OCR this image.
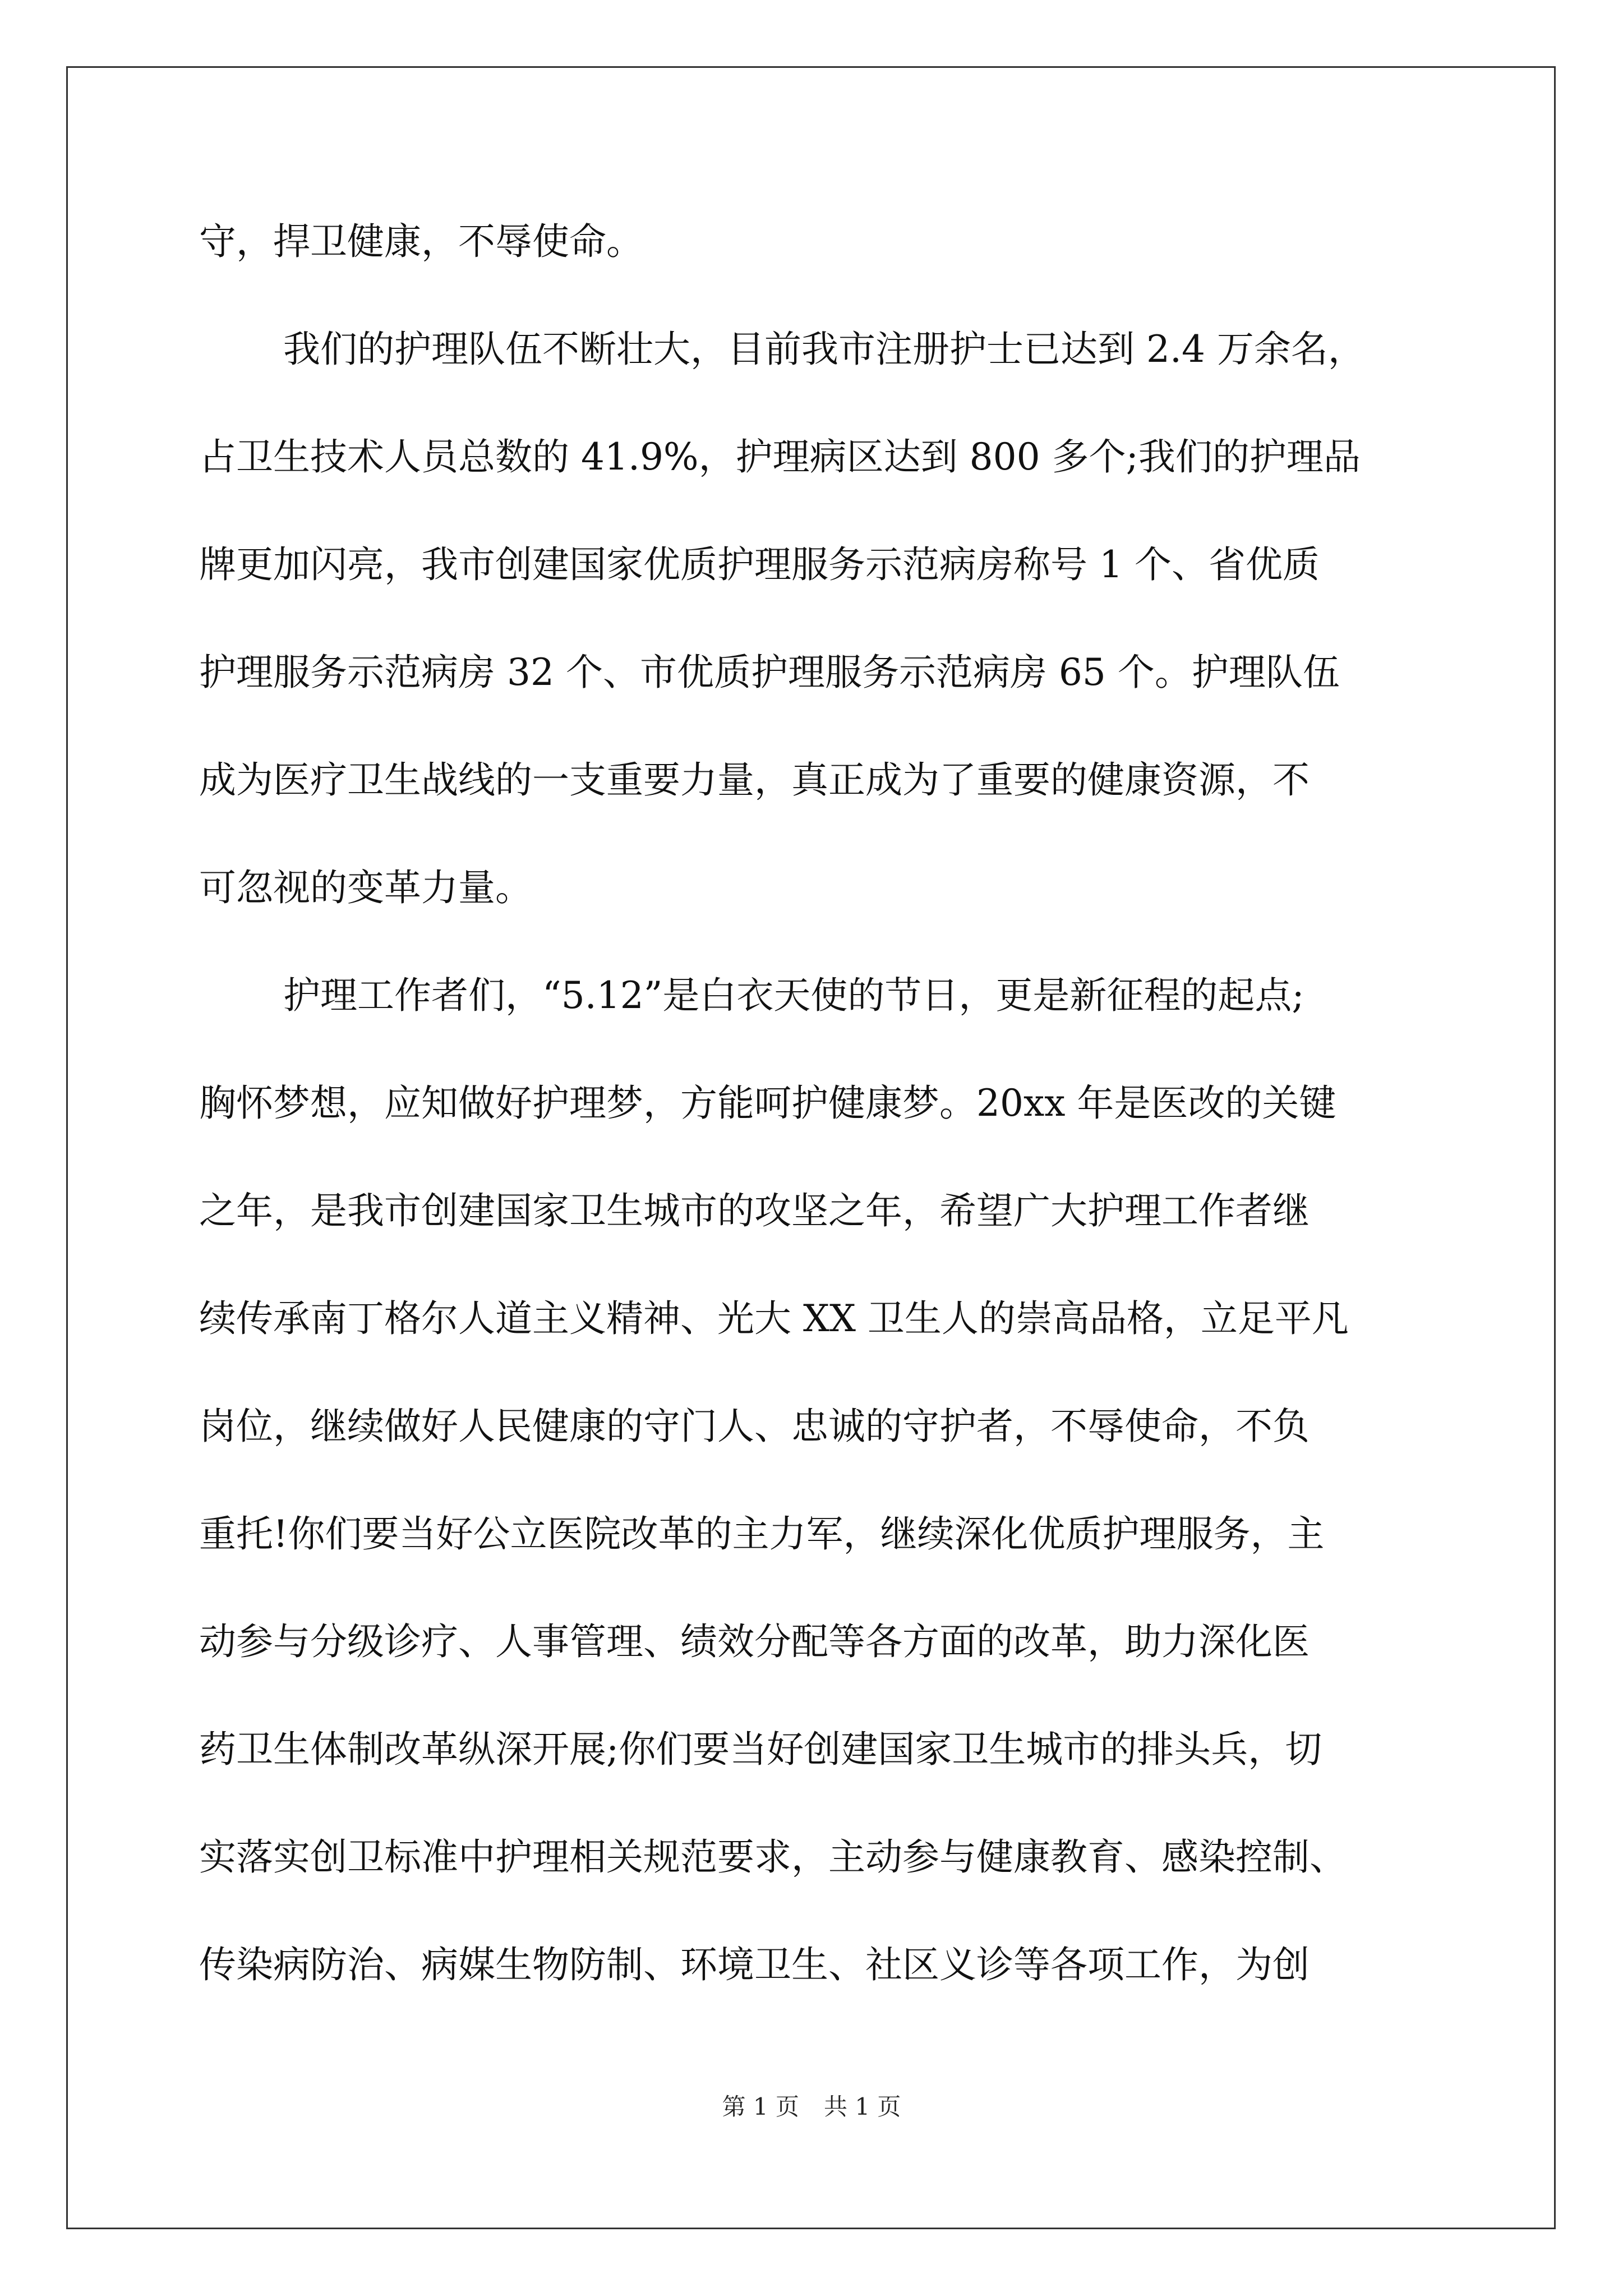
守，捍卫健康，不辱使命。
我们的护理队伍不断壮大，目前我市注册护士已达到 2.4 万余名，
占卫生技术人员总数的 41.9%，护理病区达到 800 多个;我们的护理品
牌更加闪亮，我市创建国家优质护理服务示范病房称号 1 个、省优质
护理服务示范病房 32 个、市优质护理服务示范病房 65 个。护理队伍
成为医疗卫生战线的一支重要力量，真正成为了重要的健康资源，不
可忽视的变革力量。
护理工作者们，“5.12”是白衣天使的节日，更是新征程的起点;
胸怀梦想，应知做好护理梦，方能呵护健康梦。20xx 年是医改的关键
之年，是我市创建国家卫生城市的攻坚之年，希望广大护理工作者继
续传承南丁格尔人道主义精神、光大 XX 卫生人的崇高品格，立足平凡
岗位，继续做好人民健康的守门人、忠诚的守护者，不辱使命，不负
重托!你们要当好公立医院改革的主力军，继续深化优质护理服务，主
动参与分级诊疗、人事管理、绩效分配等各方面的改革，助力深化医
药卫生体制改革纵深开展;你们要当好创建国家卫生城市的排头兵，切
实落实创卫标准中护理相关规范要求，主动参与健康教育、感染控制、
传染病防治、病媒生物防制、环境卫生、社区义诊等各项工作，为创
第 1 页 共 1 页
